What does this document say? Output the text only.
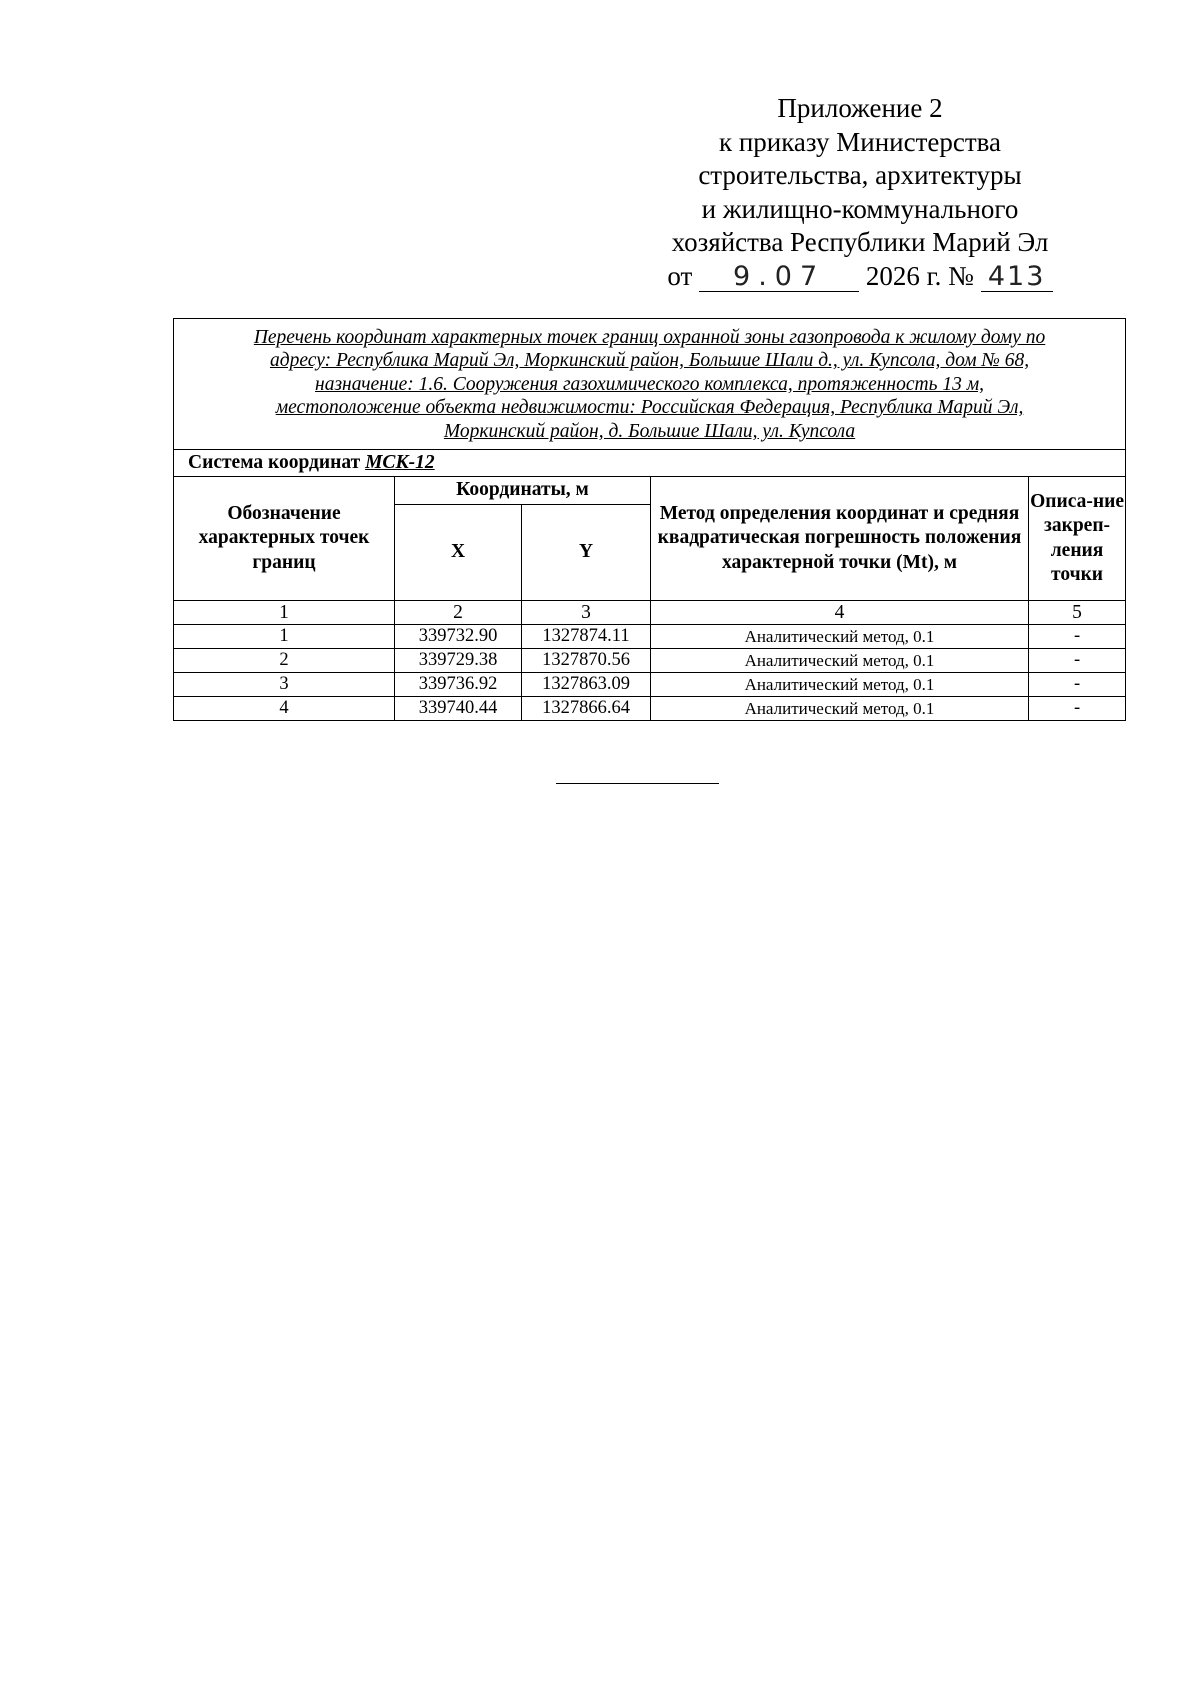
Приложение 2
к приказу Министерства
строительства, архитектуры
и жилищно-коммунального
хозяйства Республики Марий Эл
от 9.07 2026 г. № 413
Перечень координат характерных точек границ охранной зоны газопровода к жилому дому по
адресу: Республика Марий Эл, Моркинский район, Большие Шали д., ул. Купсола, дом № 68,
назначение: 1.6. Сооружения газохимического комплекса, протяженность 13 м,
местоположение объекта недвижимости: Российская Федерация, Республика Марий Эл,
Моркинский район, д. Большие Шали, ул. Купсола				

Система координат МСК-12				
Обозначение характерных точек границ	Координаты, м		Метод определения координат и средняя квадратическая погрешность положения характерной точки (Mt), м	Описа-ние закреп-ления точки
	X	Y		
1	2	3	4	5
1	339732.90	1327874.11	Аналитический метод, 0.1	-
2	339729.38	1327870.56	Аналитический метод, 0.1	-
3	339736.92	1327863.09	Аналитический метод, 0.1	-
4	339740.44	1327866.64	Аналитический метод, 0.1	-
